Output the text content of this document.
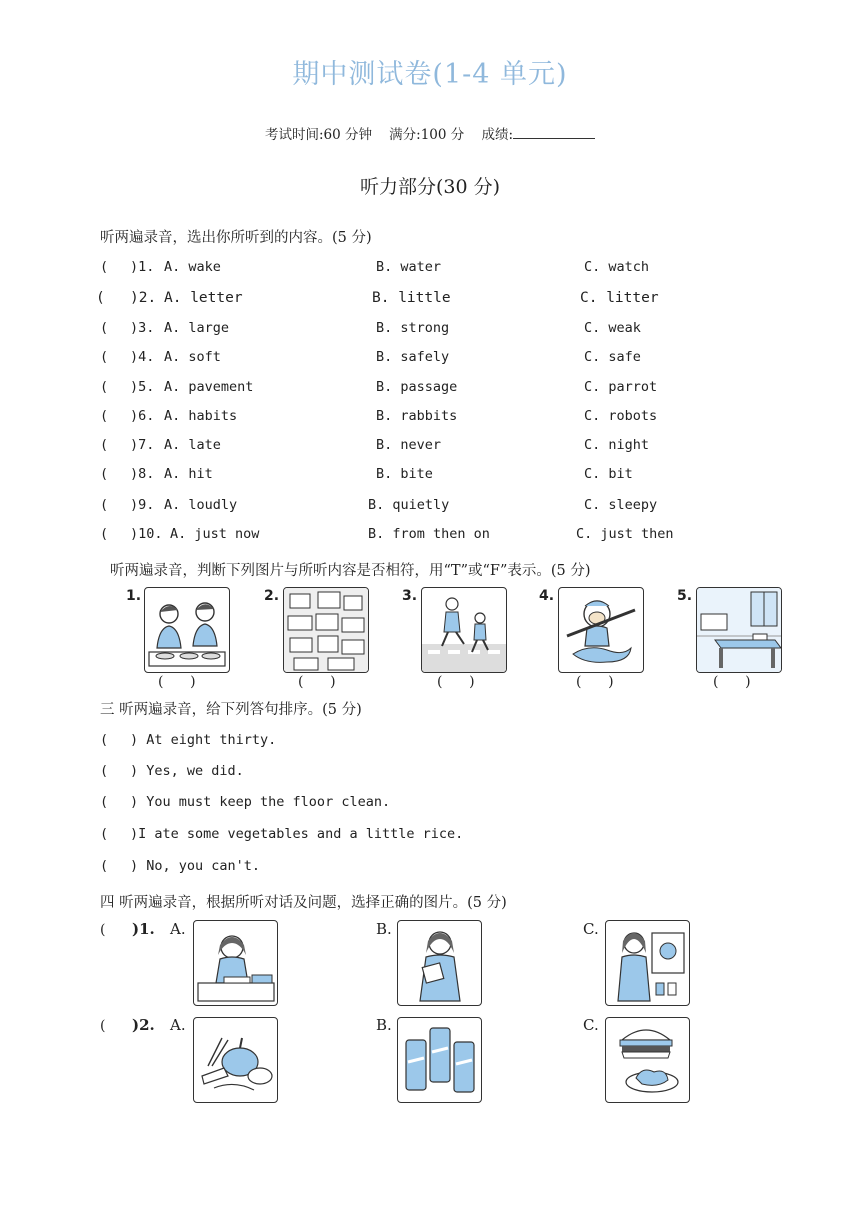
期中测试卷(1-4 单元)
考试时间:60 分钟 满分:100 分 成绩:
听力部分(30 分)
听两遍录音，选出你所听到的内容。(5 分)
( )1. A. wake	B. water	C. watch
( )2. A. letter	B. little	C. litter
( )3. A. large	B. strong	C. weak
( )4. A. soft	B. safely	C. safe
( )5. A. pavement	B. passage	C. parrot
( )6. A. habits	B. rabbits	C. robots
( )7. A. late	B. never	C. night
( )8. A. hit	B. bite	C. bit
( )9. A. loudly	B. quietly	C. sleepy
( )10. A. just now	B. from then on	C. just then
听两遍录音，判断下列图片与所听内容是否相符，用“T”或“F”表示。(5 分)
1.
(      )
2.
(      )
3.
(      )
4.
(      )
5.
(      )
三 听两遍录音，给下列答句排序。(5 分)
( ) At eight thirty.
( ) Yes, we did.
( ) You must keep the floor clean.
( )I ate some vegetables and a little rice.
( ) No, you can't.
四 听两遍录音，根据所听对话及问题，选择正确的图片。(5 分)
( )1. A.	B.	C.
( )2. A.	B.	C.
